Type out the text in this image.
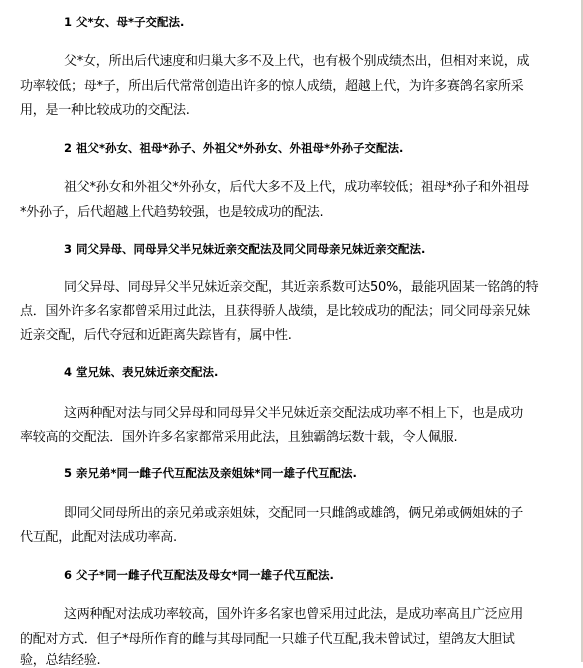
1 父*女、母*子交配法.
父*女，所出后代速度和归巢大多不及上代，也有极个别成绩杰出，但相对来说，成
功率较低；母*子，所出后代常常创造出许多的惊人成绩，超越上代，为许多赛鸽名家所采
用，是一种比较成功的交配法.
2 祖父*孙女、祖母*孙子、外祖父*外孙女、外祖母*外孙子交配法.
祖父*孙女和外祖父*外孙女，后代大多不及上代，成功率较低；祖母*孙子和外祖母
*外孙子，后代超越上代趋势较强，也是较成功的配法.
3 同父异母、同母异父半兄妹近亲交配法及同父同母亲兄妹近亲交配法.
同父异母、同母异父半兄妹近亲交配，其近亲系数可达50%，最能巩固某一铭鸽的特
点．国外许多名家都曾采用过此法，且获得骄人战绩，是比较成功的配法；同父同母亲兄妹
近亲交配，后代夺冠和近距离失踪皆有，属中性.
4 堂兄妹、表兄妹近亲交配法.
这两种配对法与同父异母和同母异父半兄妹近亲交配法成功率不相上下，也是成功
率较高的交配法．国外许多名家都常采用此法，且独霸鸽坛数十载，令人佩服.
5 亲兄弟*同一雌子代互配法及亲姐妹*同一雄子代互配法.
即同父同母所出的亲兄弟或亲姐妹，交配同一只雌鸽或雄鸽，俩兄弟或俩姐妹的子
代互配，此配对法成功率高.
6 父子*同一雌子代互配法及母女*同一雄子代互配法.
这两种配对法成功率较高，国外许多名家也曾采用过此法，是成功率高且广泛应用
的配对方式．但子*母所作育的雌与其母同配一只雄子代互配,我未曾试过，望鸽友大胆试
验，总结经验.
